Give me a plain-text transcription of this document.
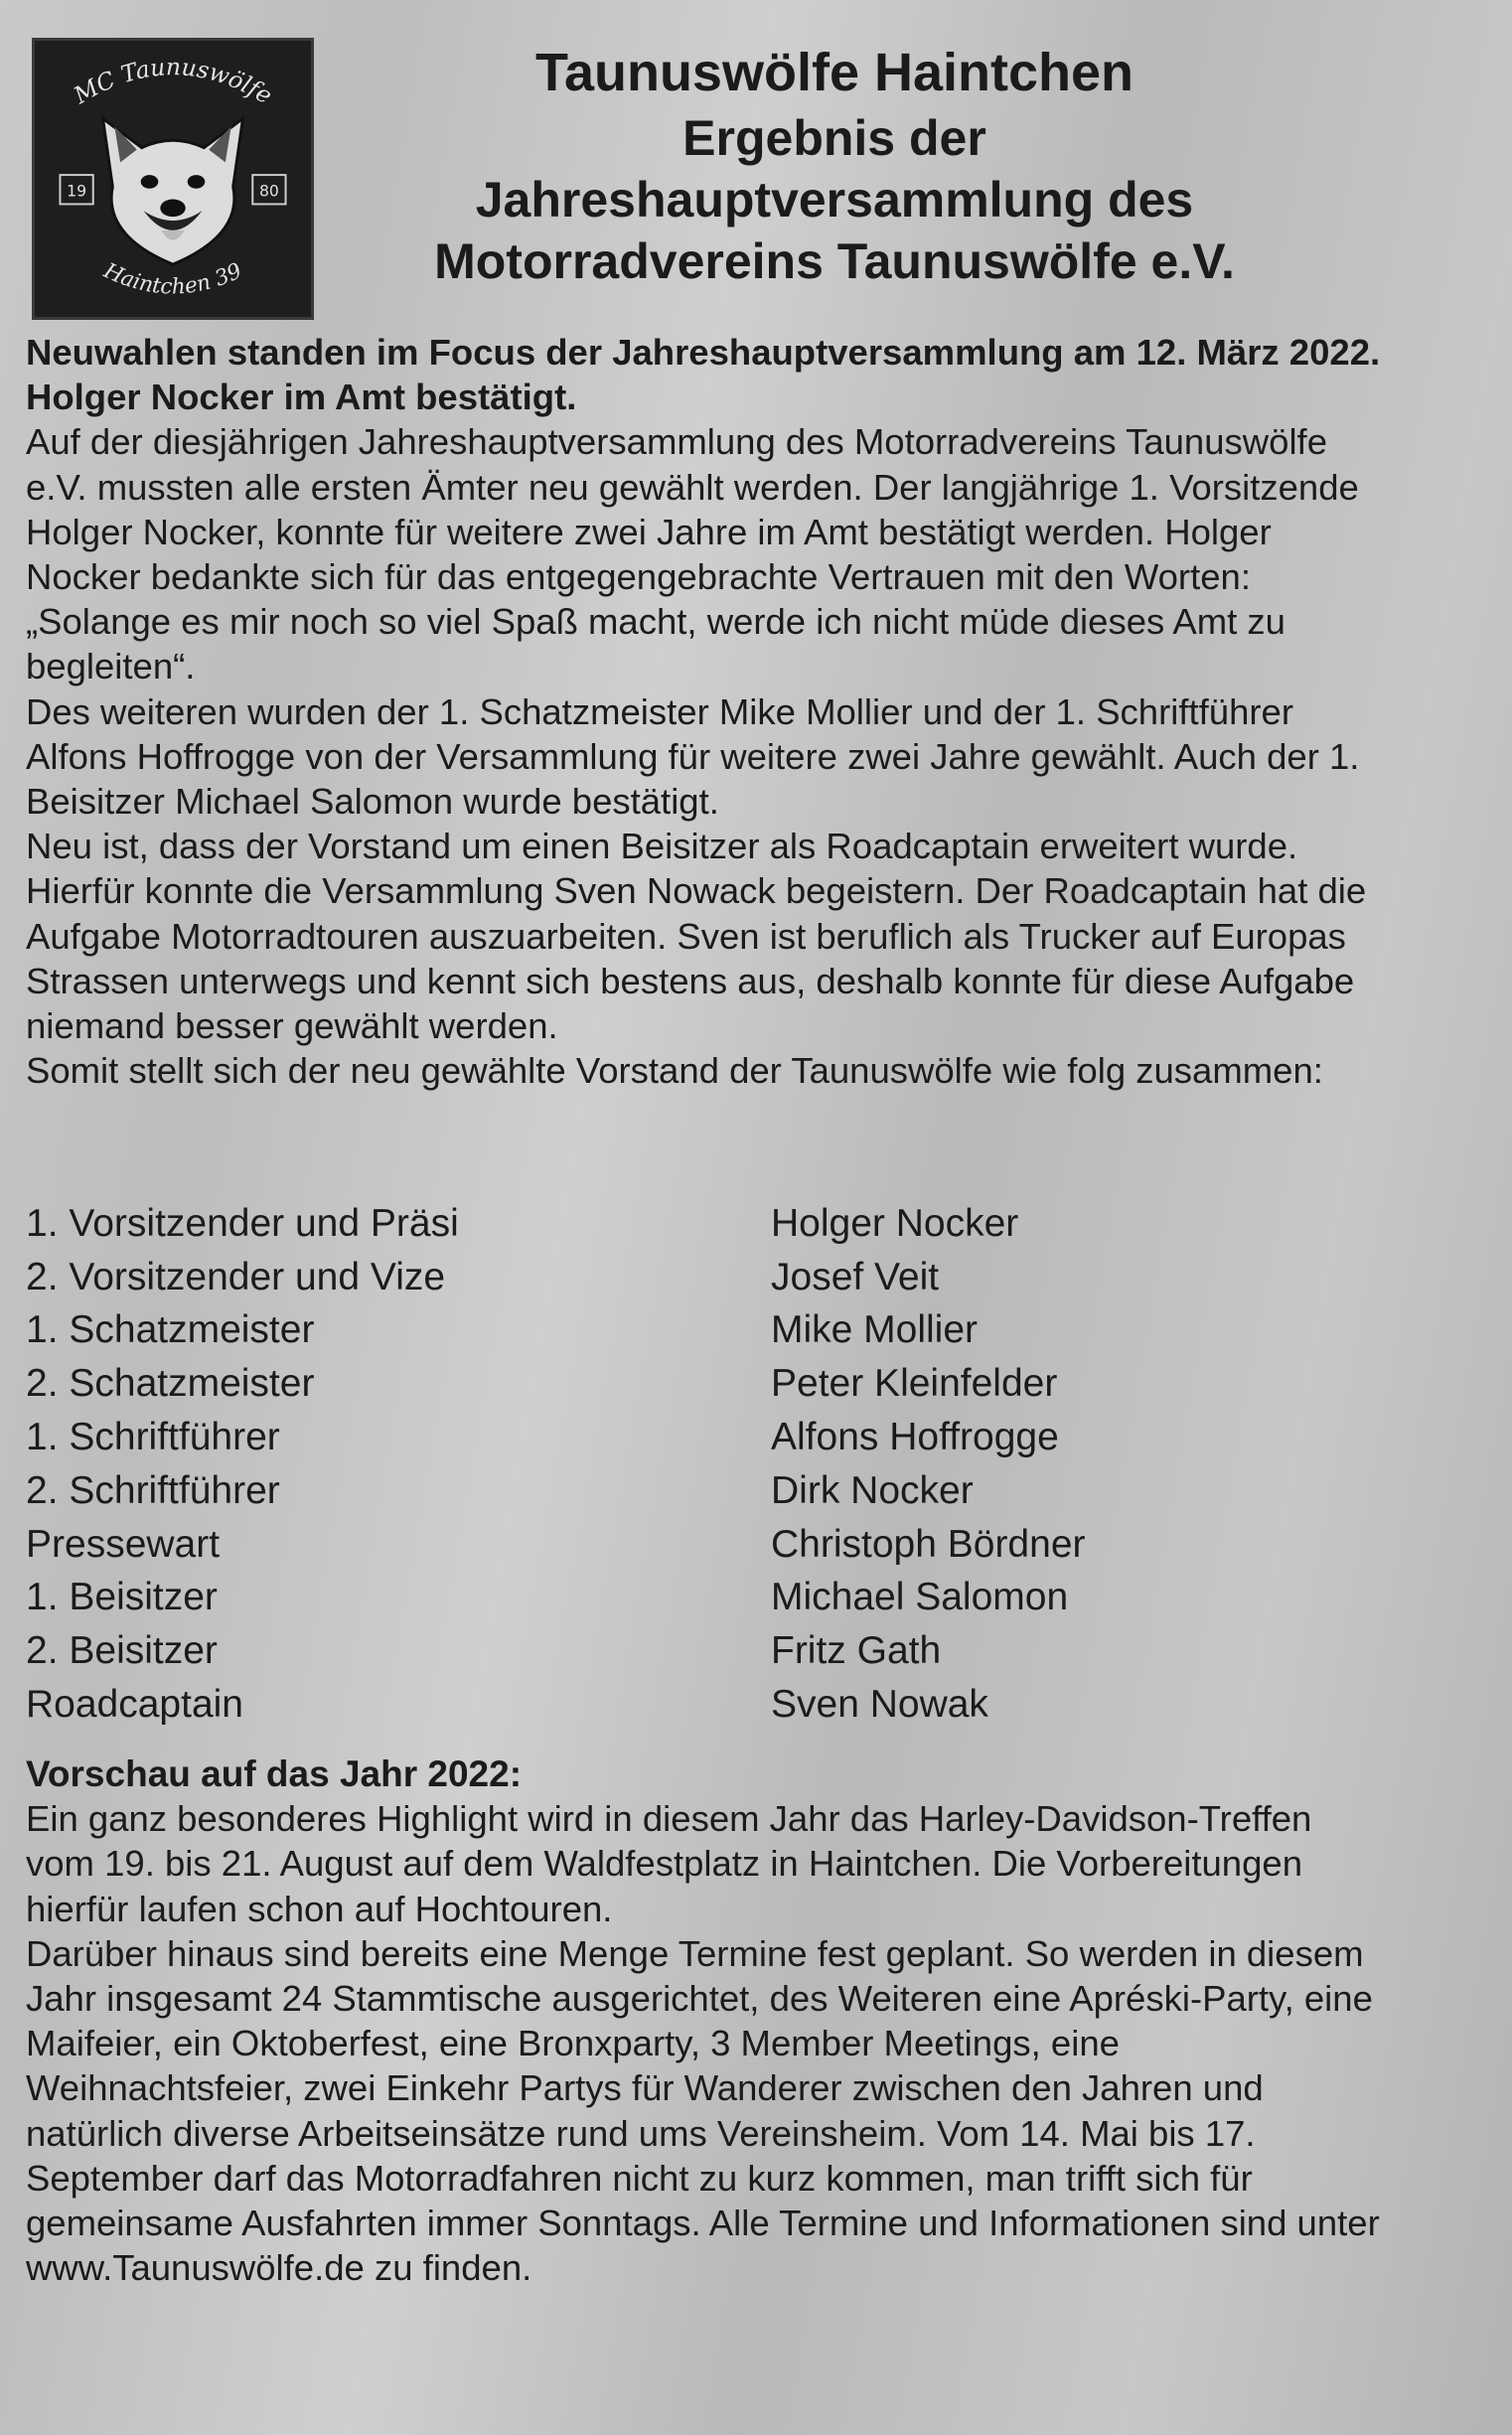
MC Taunuswölfe
Haintchen 39
19	80
Taunuswölfe Haintchen
Ergebnis der
Jahreshauptversammlung des
Motorradvereins Taunuswölfe e.V.

Neuwahlen standen im Focus der Jahreshauptversammlung am 12. März 2022. Holger Nocker im Amt bestätigt.

Auf der diesjährigen Jahreshauptversammlung des Motorradvereins Taunuswölfe e.V. mussten alle ersten Ämter neu gewählt werden. Der langjährige 1. Vorsitzende Holger Nocker, konnte für weitere zwei Jahre im Amt bestätigt werden. Holger Nocker bedankte sich für das entgegengebrachte Vertrauen mit den Worten: „Solange es mir noch so viel Spaß macht, werde ich nicht müde dieses Amt zu begleiten“.

Des weiteren wurden der 1. Schatzmeister Mike Mollier und der 1. Schriftführer Alfons Hoffrogge von der Versammlung für weitere zwei Jahre gewählt. Auch der 1. Beisitzer Michael Salomon wurde bestätigt.

Neu ist, dass der Vorstand um einen Beisitzer als Roadcaptain erweitert wurde. Hierfür konnte die Versammlung Sven Nowack begeistern. Der Roadcaptain hat die Aufgabe Motorradtouren auszuarbeiten. Sven ist beruflich als Trucker auf Europas Strassen unterwegs und kennt sich bestens aus, deshalb konnte für diese Aufgabe niemand besser gewählt werden.

Somit stellt sich der neu gewählte Vorstand der Taunuswölfe wie folg zusammen:

1. Vorsitzender und Präsi	Holger Nocker
2. Vorsitzender und Vize	Josef Veit
1. Schatzmeister	Mike Mollier
2. Schatzmeister	Peter Kleinfelder
1. Schriftführer	Alfons Hoffrogge
2. Schriftführer	Dirk Nocker
Pressewart	Christoph Bördner
1. Beisitzer	Michael Salomon
2. Beisitzer	Fritz Gath
Roadcaptain	Sven Nowak
Vorschau auf das Jahr 2022:

Ein ganz besonderes Highlight wird in diesem Jahr das Harley-Davidson-Treffen vom 19. bis 21. August auf dem Waldfestplatz in Haintchen. Die Vorbereitungen hierfür laufen schon auf Hochtouren.

Darüber hinaus sind bereits eine Menge Termine fest geplant. So werden in diesem Jahr insgesamt 24 Stammtische ausgerichtet, des Weiteren eine Apréski-Party, eine Maifeier, ein Oktoberfest, eine Bronxparty, 3 Member Meetings, eine Weihnachtsfeier, zwei Einkehr Partys für Wanderer zwischen den Jahren und natürlich diverse Arbeitseinsätze rund ums Vereinsheim. Vom 14. Mai bis 17. September darf das Motorradfahren nicht zu kurz kommen, man trifft sich für gemeinsame Ausfahrten immer Sonntags. Alle Termine und Informationen sind unter www.Taunuswölfe.de zu finden.
